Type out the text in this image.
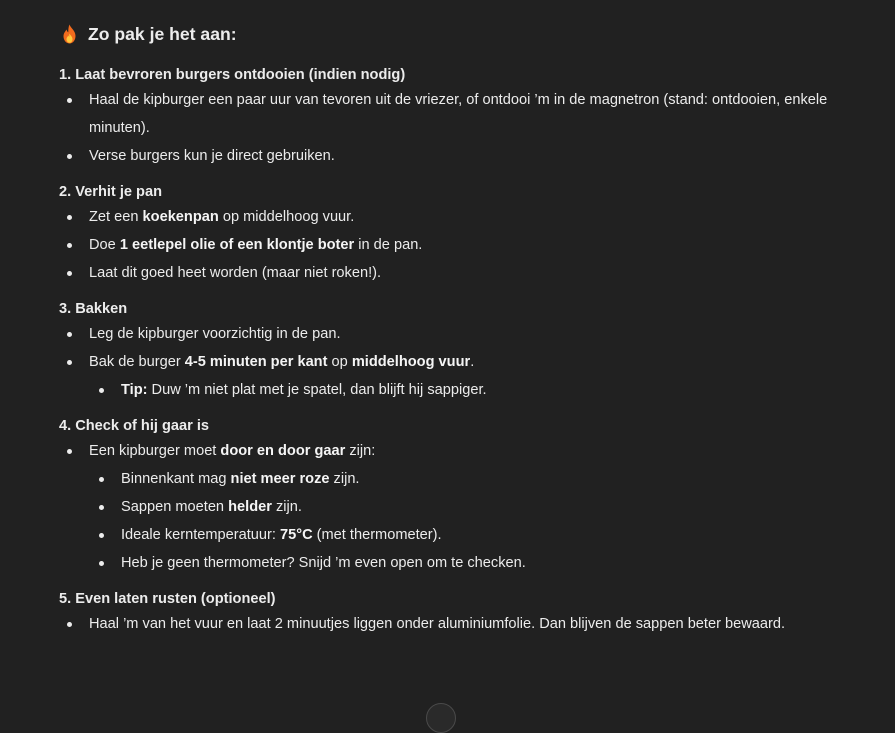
Zo pak je het aan:

1. Laat bevroren burgers ontdooien (indien nodig)

Haal de kipburger een paar uur van tevoren uit de vriezer, of ontdooi ’m in de magnetron (stand: ontdooien, enkele minuten).
Verse burgers kun je direct gebruiken.

2. Verhit je pan

Zet een koekenpan op middelhoog vuur.
Doe 1 eetlepel olie of een klontje boter in de pan.
Laat dit goed heet worden (maar niet roken!).

3. Bakken

Leg de kipburger voorzichtig in de pan.
Bak de burger 4-5 minuten per kant op middelhoog vuur.
Tip: Duw ’m niet plat met je spatel, dan blijft hij sappiger.

4. Check of hij gaar is

Een kipburger moet door en door gaar zijn:
Binnenkant mag niet meer roze zijn.
Sappen moeten helder zijn.
Ideale kerntemperatuur: 75°C (met thermometer).
Heb je geen thermometer? Snijd ’m even open om te checken.

5. Even laten rusten (optioneel)

Haal ’m van het vuur en laat 2 minuutjes liggen onder aluminiumfolie. Dan blijven de sappen beter bewaard.
